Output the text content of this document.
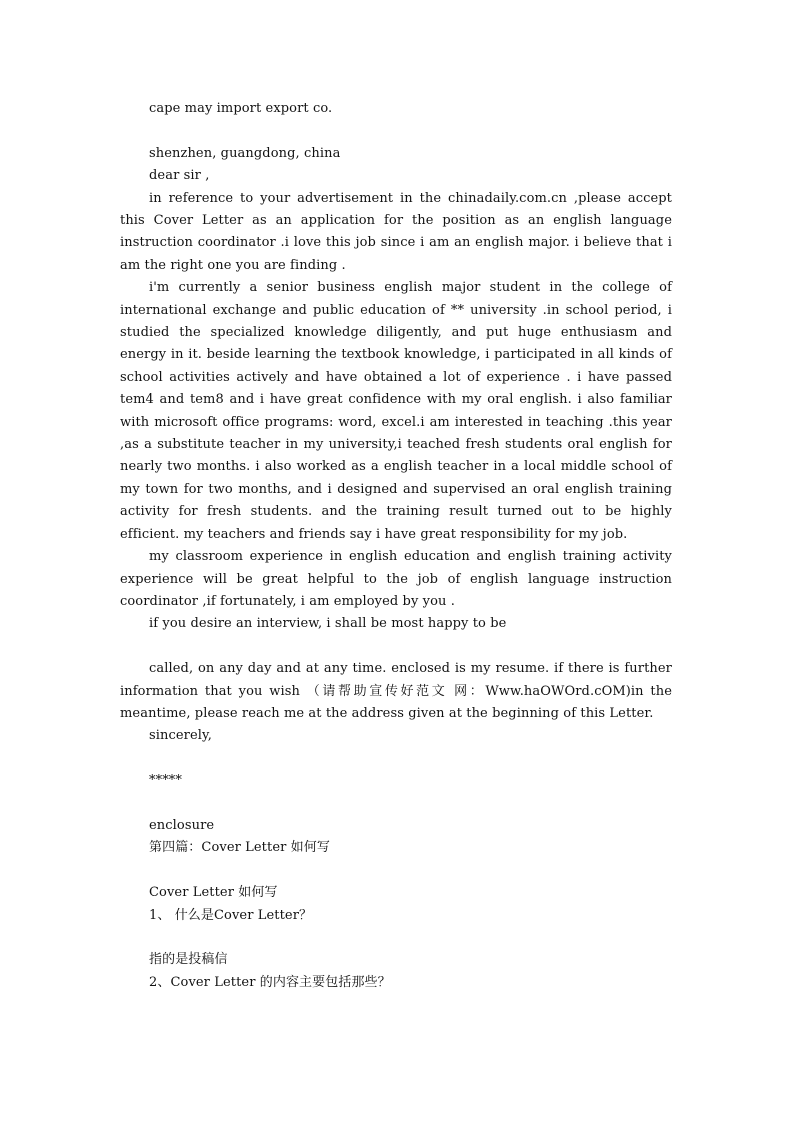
cape may import export co.
shenzhen, guangdong, china
dear sir ,
in reference to your advertisement in the chinadaily.com.cn ,please accept this Cover Letter as an application for the position as an english language instruction coordinator .i love this job since i am an english major. i believe that i am the right one you are finding .
i'm currently a senior business english major student in the college of international exchange and public education of ** university .in school period, i studied the specialized knowledge diligently, and put huge enthusiasm and energy in it. beside learning the textbook knowledge, i participated in all kinds of school activities actively and have obtained a lot of experience . i have passed tem4 and tem8 and i have great confidence with my oral english. i also familiar with microsoft office programs: word, excel.i am interested in teaching .this year ,as a substitute teacher in my university,i teached fresh students oral english for nearly two months. i also worked as a english teacher in a local middle school of my town for two months, and i designed and supervised an oral english training activity for fresh students. and the training result turned out to be highly efficient. my teachers and friends say i have great responsibility for my job.
my classroom experience in english education and english training activity experience will be great helpful to the job of english language instruction coordinator ,if fortunately, i am employed by you .
if you desire an interview, i shall be most happy to be
called, on any day and at any time. enclosed is my resume. if there is further information that you wish （请帮助宣传好范文 网：Www.haOWOrd.cOM)in the meantime, please reach me at the address given at the beginning of this Letter.
sincerely,
*****
enclosure
第四篇：Cover Letter 如何写
Cover Letter 如何写
1、 什么是Cover Letter？
指的是投稿信
2、Cover Letter 的内容主要包括那些？
